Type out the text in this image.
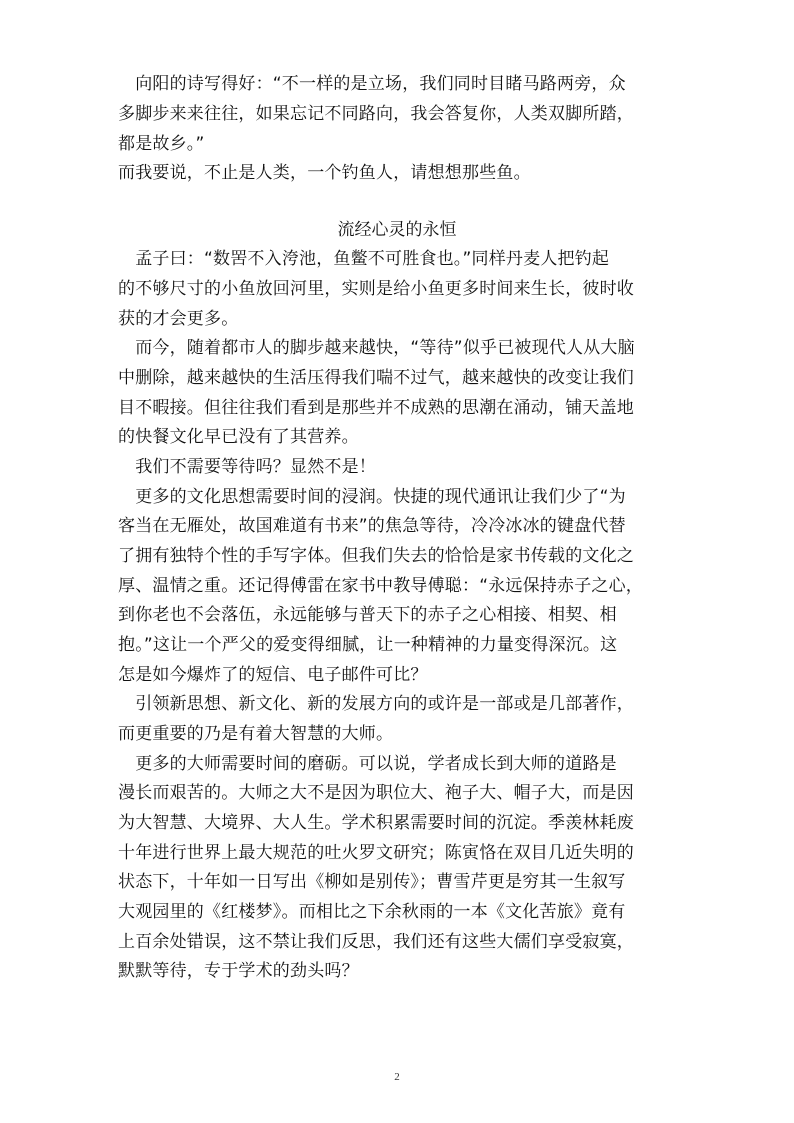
　向阳的诗写得好：“不一样的是立场，我们同时目睹马路两旁，众
多脚步来来往往，如果忘记不同路向，我会答复你，人类双脚所踏，
都是故乡。”
而我要说，不止是人类，一个钓鱼人，请想想那些鱼。
流经心灵的永恒
　孟子曰：“数罟不入洿池，鱼鳖不可胜食也。”同样丹麦人把钓起
的不够尺寸的小鱼放回河里，实则是给小鱼更多时间来生长，彼时收
获的才会更多。
　而今，随着都市人的脚步越来越快，“等待”似乎已被现代人从大脑
中删除，越来越快的生活压得我们喘不过气，越来越快的改变让我们
目不暇接。但往往我们看到是那些并不成熟的思潮在涌动，铺天盖地
的快餐文化早已没有了其营养。
　我们不需要等待吗？显然不是！
　更多的文化思想需要时间的浸润。快捷的现代通讯让我们少了“为
客当在无雁处，故国难道有书来”的焦急等待，冷冷冰冰的键盘代替
了拥有独特个性的手写字体。但我们失去的恰恰是家书传载的文化之
厚、温情之重。还记得傅雷在家书中教导傅聪：“永远保持赤子之心，
到你老也不会落伍，永远能够与普天下的赤子之心相接、相契、相
抱。”这让一个严父的爱变得细腻，让一种精神的力量变得深沉。这
怎是如今爆炸了的短信、电子邮件可比？
　引领新思想、新文化、新的发展方向的或许是一部或是几部著作，
而更重要的乃是有着大智慧的大师。
　更多的大师需要时间的磨砺。可以说，学者成长到大师的道路是
漫长而艰苦的。大师之大不是因为职位大、袍子大、帽子大，而是因
为大智慧、大境界、大人生。学术积累需要时间的沉淀。季羡林耗废
十年进行世界上最大规范的吐火罗文研究；陈寅恪在双目几近失明的
状态下，十年如一日写出《柳如是别传》；曹雪芹更是穷其一生叙写
大观园里的《红楼梦》。而相比之下余秋雨的一本《文化苦旅》竟有
上百余处错误，这不禁让我们反思，我们还有这些大儒们享受寂寞，
默默等待，专于学术的劲头吗？
2
